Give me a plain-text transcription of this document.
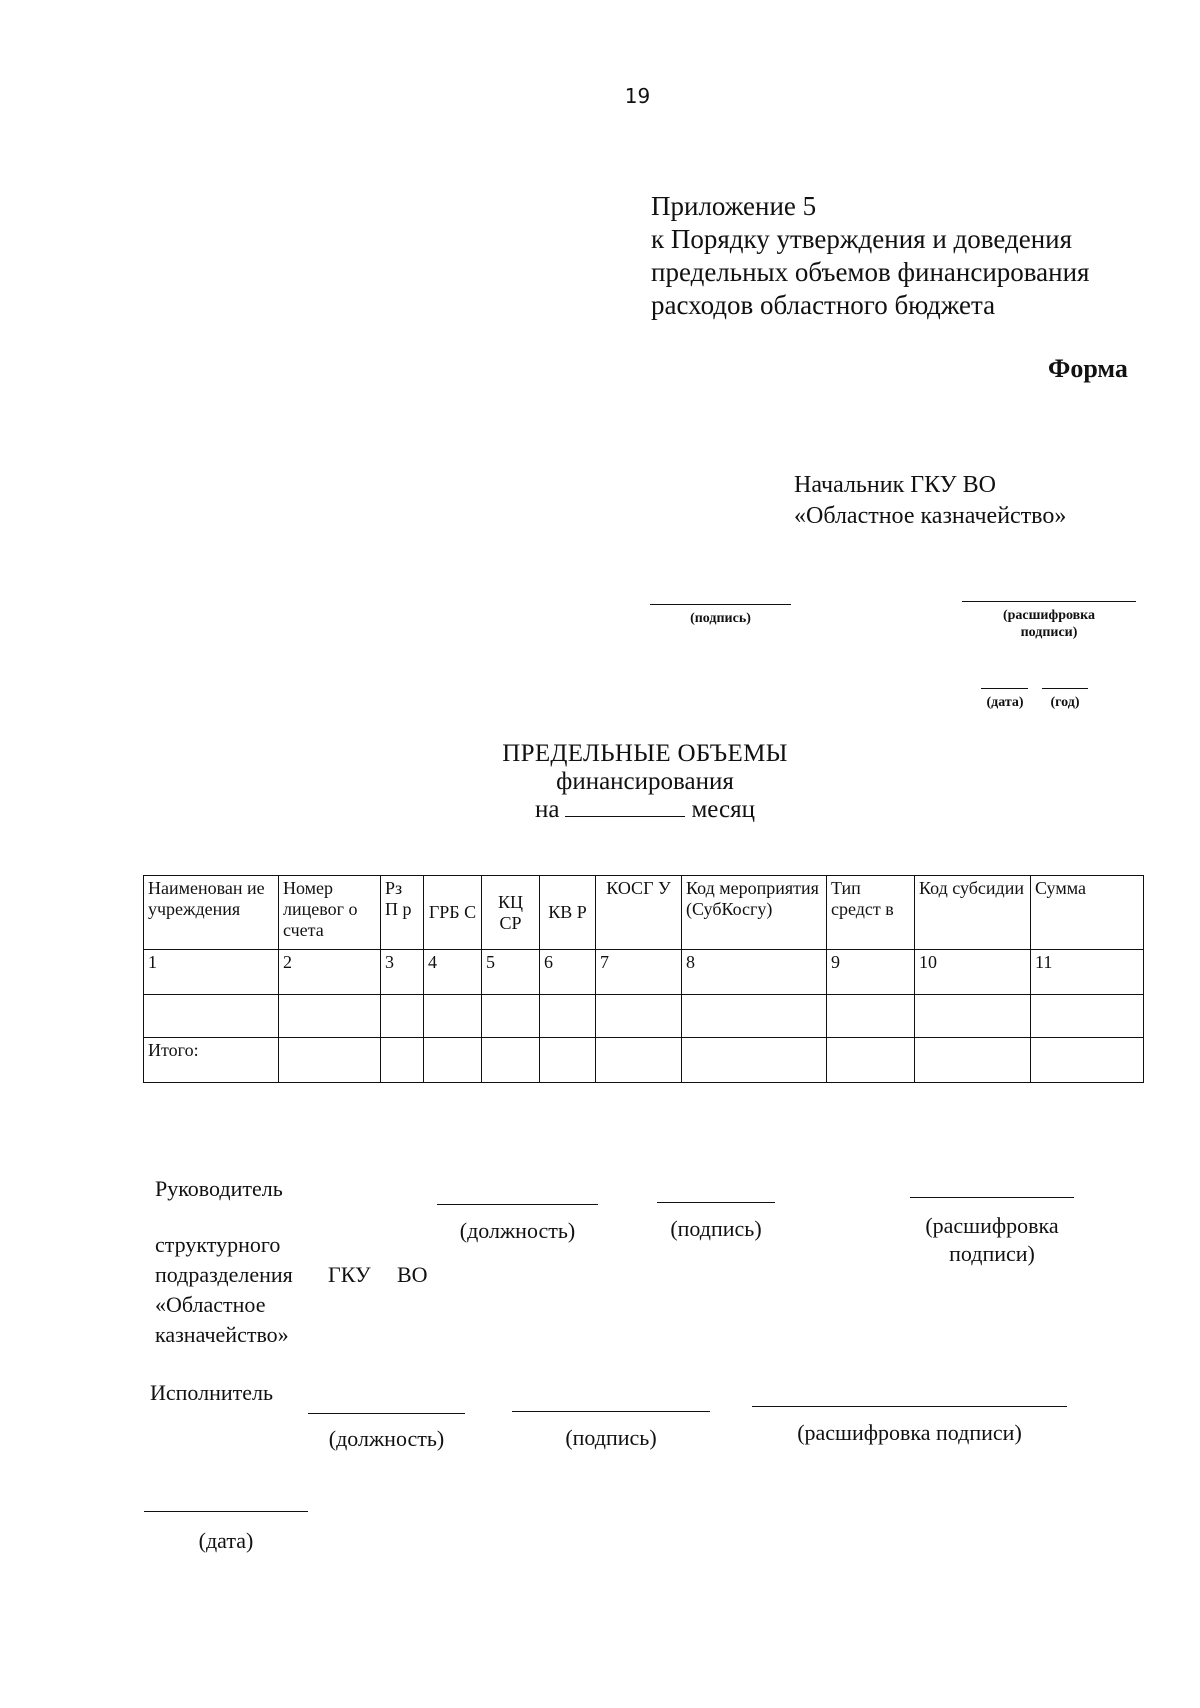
19
Приложение 5
к Порядку утверждения и доведения
предельных объемов финансирования
расходов областного бюджета
Форма
Начальник ГКУ ВО
«Областное казначейство»
(подпись)	(расшифровка
подписи)
(дата)	(год)
ПРЕДЕЛЬНЫЕ ОБЪЕМЫ
финансирования
на	месяц
Наименован ие учреждения	Номер лицевог о счета	Рз П р	ГРБ С	КЦ СР	КВ Р	КОСГ У	Код мероприятия (СубКосгу)	Тип средст в	Код субсидии	Сумма
1	2	3	4	5	6	7	8	9	10	11

Итого:										
Руководитель
структурного
подразделения ГКУ ВО
«Областное
казначейство»
(должность)	(подпись)	(расшифровка
подписи)
Исполнитель
(должность)	(подпись)	(расшифровка подписи)
(дата)
